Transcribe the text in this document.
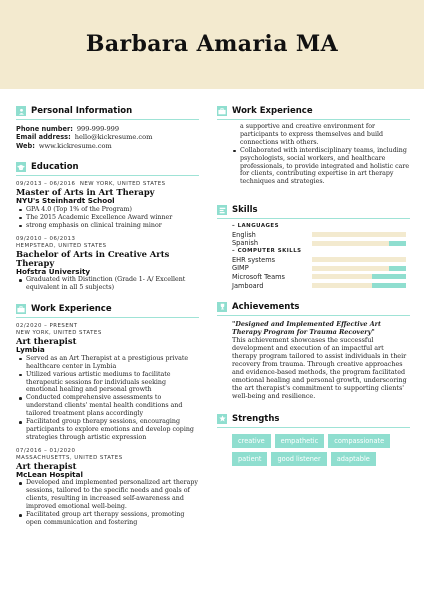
Barbara Amaria MA
Personal Information
Phone number: 999-999-999
Email address: hello@kickresume.com
Web: www.kickresume.com
Education
09/2013 – 06/2016 NEW YORK, UNITED STATES
Master of Arts in Art Therapy
NYU's Steinhardt School
GPA 4.0 (Top 1% of the Program)
The 2015 Academic Excellence Award winner
strong emphasis on clinical training minor
09/2010 – 06/2013
HEMPSTEAD, UNITED STATES
Bachelor of Arts in Creative Arts Therapy
Hofstra University
Graduated with Distinction (Grade 1- A/ Excellent equivalent in all 5 subjects)
Work Experience
02/2020 – PRESENT
NEW YORK, UNITED STATES
Art therapist
Lymbia
Served as an Art Therapist at a prestigious private healthcare center in Lymbia
Utilized various artistic mediums to facilitate therapeutic sessions for individuals seeking emotional healing and personal growth
Conducted comprehensive assessments to understand clients' mental health conditions and tailored treatment plans accordingly
Facilitated group therapy sessions, encouraging participants to explore emotions and develop coping strategies through artistic expression
07/2016 – 01/2020
MASSACHUSETTS, UNITED STATES
Art therapist
McLean Hospital
Developed and implemented personalized art therapy sessions, tailored to the specific needs and goals of clients, resulting in increased self-awareness and improved emotional well-being.
Facilitated group art therapy sessions, promoting open communication and fostering
Work Experience
a supportive and creative environment for participants to express themselves and build connections with others.
Collaborated with interdisciplinary teams, including psychologists, social workers, and healthcare professionals, to provide integrated and holistic care for clients, contributing expertise in art therapy techniques and strategies.
Skills
– LANGUAGES
English
Spanish
– COMPUTER SKILLS
EHR systems
GIMP
Microsoft Teams
Jamboard
Achievements
"Designed and Implemented Effective Art Therapy Program for Trauma Recovery"
This achievement showcases the successful development and execution of an impactful art therapy program tailored to assist individuals in their recovery from trauma. Through creative approaches and evidence-based methods, the program facilitated emotional healing and personal growth, underscoring the art therapist's commitment to supporting clients' well-being and resilience.
Strengths
creative	empathetic	compassionate
patient	good listener	adaptable
